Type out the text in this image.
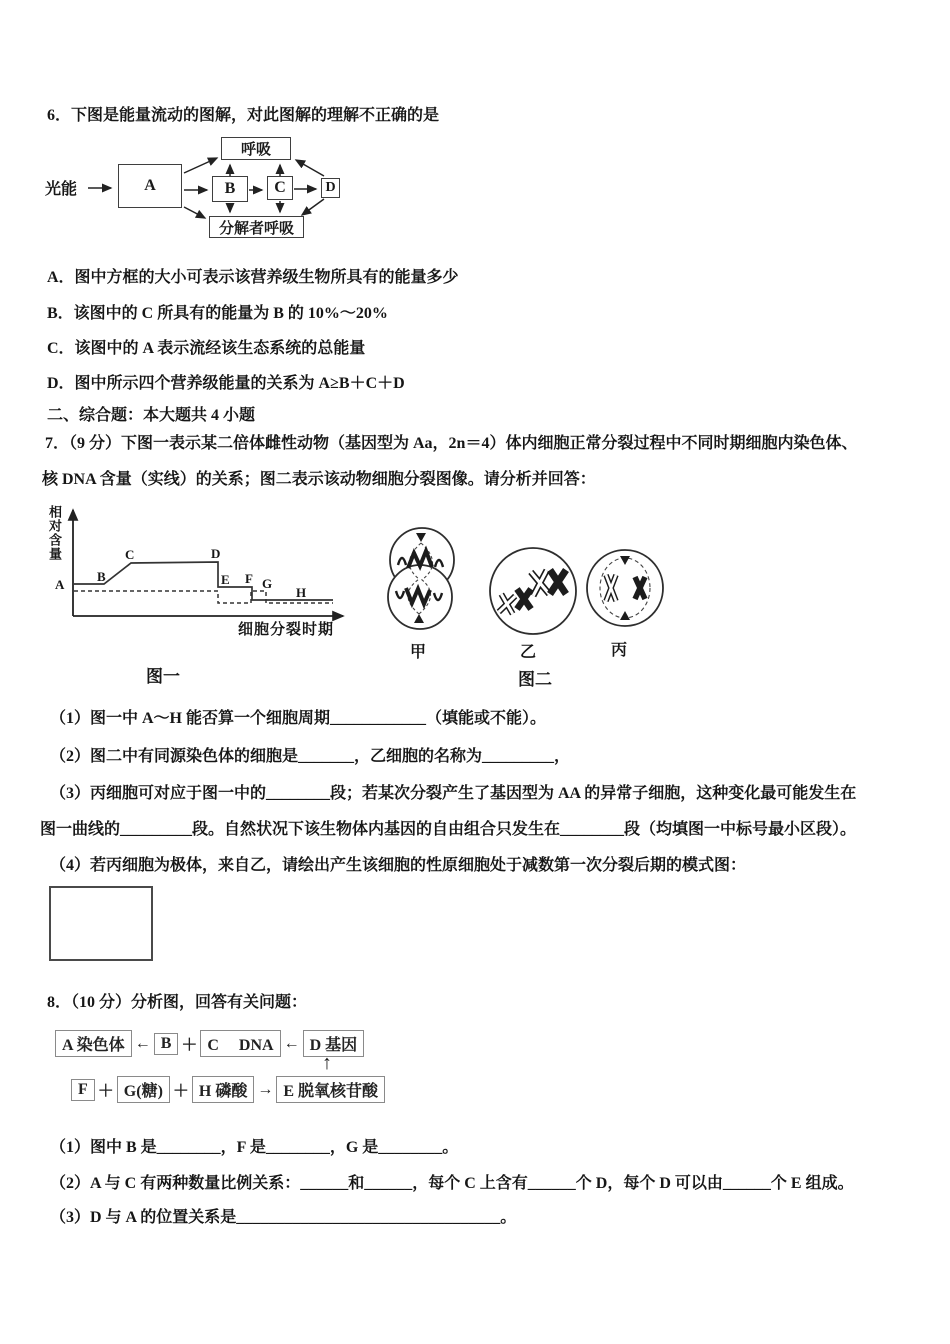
6．下图是能量流动的图解，对此图解的理解不正确的是
光能	A	B	C	D
呼吸
分解者呼吸
A．图中方框的大小可表示该营养级生物所具有的能量多少
B．该图中的 C 所具有的能量为 B 的 10%～20%
C．该图中的 A 表示流经该生态系统的总能量
D．图中所示四个营养级能量的关系为 A≥B＋C＋D
二、综合题：本大题共 4 小题
7．（9 分）下图一表示某二倍体雌性动物（基因型为 Aa，2n＝4）体内细胞正常分裂过程中不同时期细胞内染色体、
核 DNA 含量（实线）的关系；图二表示该动物细胞分裂图像。请分析并回答：
相对含量
A
B
C	D
E F G
H
细胞分裂时期
图一
甲	乙	丙
图二
（1）图一中 A～H 能否算一个细胞周期____________（填能或不能）。
（2）图二中有同源染色体的细胞是_______，乙细胞的名称为_________，
（3）丙细胞可对应于图一中的________段；若某次分裂产生了基因型为 AA 的异常子细胞，这种变化最可能发生在
图一曲线的_________段。自然状况下该生物体内基因的自由组合只发生在________段（均填图一中标号最小区段）。
（4）若丙细胞为极体，来自乙，请绘出产生该细胞的性原细胞处于减数第一次分裂后期的模式图：
8．（10 分）分析图，回答有关问题：
A 染色体 ← B ＋ C　 DNA ← D 基因
↑
F ＋ G(糖) ＋ H 磷酸 → E 脱氧核苷酸
（1）图中 B 是________，F 是________，G 是________。
（2）A 与 C 有两种数量比例关系：______和______，每个 C 上含有______个 D，每个 D 可以由______个 E 组成。
（3）D 与 A 的位置关系是_________________________________。
